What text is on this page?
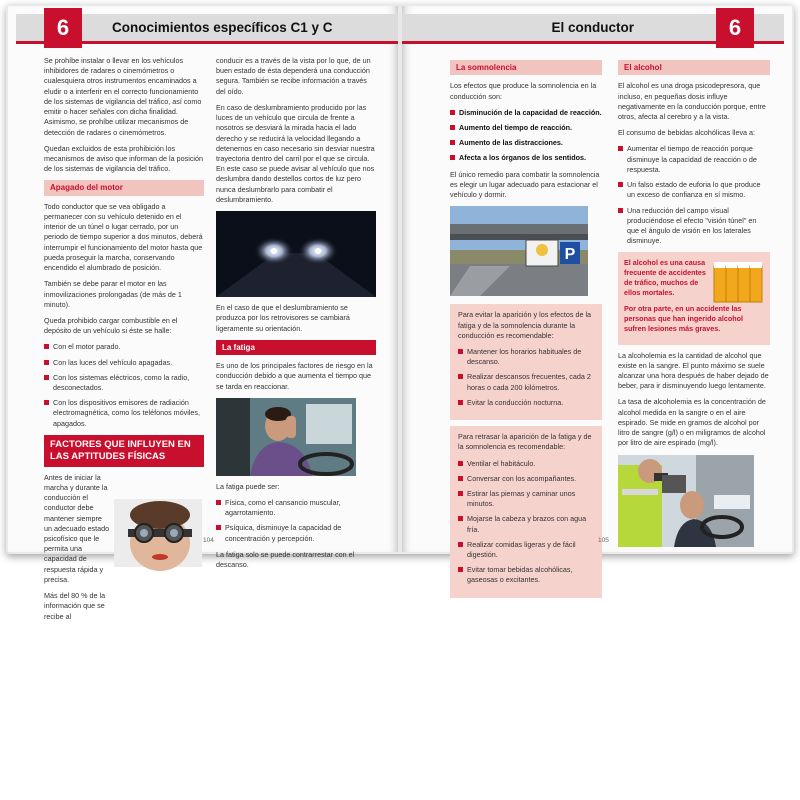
6	Conocimientos específicos C1 y C

Se prohíbe instalar o llevar en los vehículos inhibidores de radares o cinemómetros o cualesquiera otros instrumentos encaminados a eludir o a interferir en el correcto funcionamiento de los sistemas de vigilancia del tráfico, así como emitir o hacer señales con dicha finalidad. Asimismo, se prohíbe utilizar mecanismos de detección de radares o cinemómetros.

Quedan excluidos de esta prohibición los mecanismos de aviso que informan de la posición de los sistemas de vigilancia del tráfico.

Apagado del motor

Todo conductor que se vea obligado a permanecer con su vehículo detenido en el interior de un túnel o lugar cerrado, por un periodo de tiempo superior a dos minutos, deberá interrumpir el funcionamiento del motor hasta que pueda proseguir la marcha, conservando encendido el alumbrado de posición.

También se debe parar el motor en las inmovilizaciones prolongadas (de más de 1 minuto).

Queda prohibido cargar combustible en el depósito de un vehículo si éste se halle:

Con el motor parado.
Con las luces del vehículo apagadas.
Con los sistemas eléctricos, como la radio, desconectados.
Con los dispositivos emisores de radiación electromagnética, como los teléfonos móviles, apagados.
FACTORES QUE INFLUYEN EN LAS APTITUDES FÍSICAS

Antes de iniciar la marcha y durante la conducción el conductor debe mantener siempre un adecuado estado psicofísico que le permita una capacidad de respuesta rápida y precisa.

Más del 80 % de la información que se recibe al

conducir es a través de la vista por lo que, de un buen estado de ésta dependerá una conducción segura. También se recibe información a través del oído.

En caso de deslumbramiento producido por las luces de un vehículo que circula de frente a nosotros se desviará la mirada hacia el lado derecho y se reducirá la velocidad llegando a detenernos en caso necesario sin desviar nuestra trayectoria dentro del carril por el que se circula. En este caso se puede avisar al vehículo que nos deslumbra dando destellos cortos de luz pero nunca deslumbrarlo para combatir el deslumbramiento.

En el caso de que el deslumbramiento se produzca por los retrovisores se cambiará ligeramente su orientación.

La fatiga

Es uno de los principales factores de riesgo en la conducción debido a que aumenta el tiempo que se tarda en reaccionar.

La fatiga puede ser:

Física, como el cansancio muscular, agarrotamiento.
Psíquica, disminuye la capacidad de concentración y percepción.

La fatiga solo se puede contrarrestar con el descanso.

104
El conductor	6
La somnolencia

Los efectos que produce la somnolencia en la conducción son:

Disminución de la capacidad de reacción.
Aumento del tiempo de reacción.
Aumento de las distracciones.
Afecta a los órganos de los sentidos.

El único remedio para combatir la somnolencia es elegir un lugar adecuado para estacionar el vehículo y dormir.

P

Para evitar la aparición y los efectos de la fatiga y de la somnolencia durante la conducción es recomendable:

Mantener los horarios habituales de descanso.
Realizar descansos frecuentes, cada 2 horas o cada 200 kilómetros.
Evitar la conducción nocturna.

Para retrasar la aparición de la fatiga y de la somnolencia es recomendable:

Ventilar el habitáculo.
Conversar con los acompañantes.
Estirar las piernas y caminar unos minutos.
Mojarse la cabeza y brazos con agua fría.
Realizar comidas ligeras y de fácil digestión.
Evitar tomar bebidas alcohólicas, gaseosas o excitantes.
El alcohol

El alcohol es una droga psicodepresora, que incluso, en pequeñas dosis influye negativamente en la conducción porque, entre otros, afecta al cerebro y a la vista.

El consumo de bebidas alcohólicas lleva a:

Aumentar el tiempo de reacción porque disminuye la capacidad de reacción o de respuesta.
Un falso estado de euforia lo que produce un exceso de confianza en sí mismo.
Una reducción del campo visual produciéndose el efecto "visión túnel" en que el ángulo de visión en los laterales disminuye.

El alcohol es una causa frecuente de accidentes de tráfico, muchos de ellos mortales.

Por otra parte, en un accidente las personas que han ingerido alcohol sufren lesiones más graves.

La alcoholemia es la cantidad de alcohol que existe en la sangre. El punto máximo se suele alcanzar una hora después de haber dejado de beber, para ir disminuyendo luego lentamente.

La tasa de alcoholemia es la concentración de alcohol medida en la sangre o en el aire espirado. Se mide en gramos de alcohol por litro de sangre (g/l) o en miligramos de alcohol por litro de aire espirado (mg/l).

105
